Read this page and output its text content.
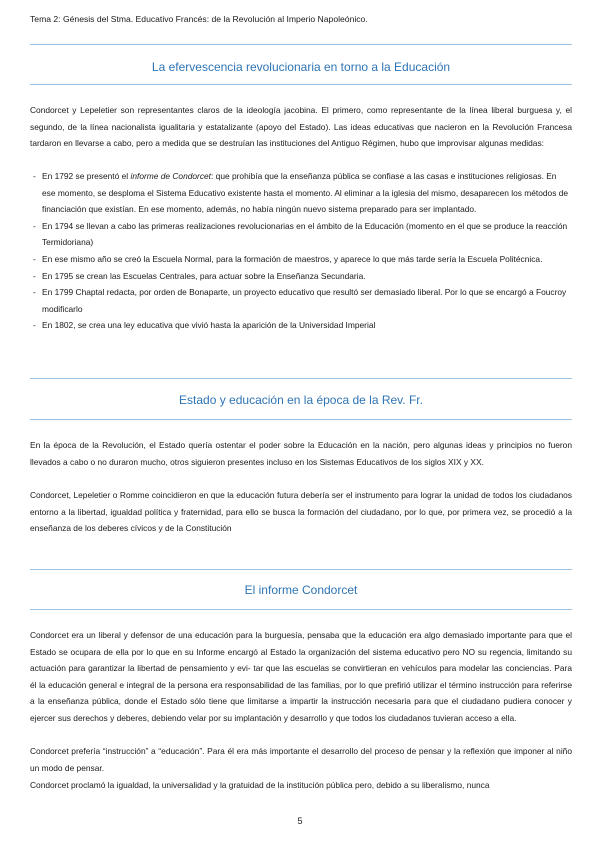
Tema 2: Génesis del Stma. Educativo Francés: de la Revolución al Imperio Napoleónico.
La efervescencia revolucionaria en torno a la Educación

Condorcet y Lepeletier son representantes claros de la ideología jacobina. El primero, como representante de la línea liberal burguesa y, el segundo, de la línea nacionalista igualitaria y estatalizante (apoyo del Estado). Las ideas educativas que nacieron en la Revolución Francesa tardaron en llevarse a cabo, pero a medida que se destruían las instituciones del Antiguo Régimen, hubo que improvisar algunas medidas:

- En 1792 se presentó el informe de Condorcet: que prohibía que la enseñanza pública se confiase a las casas e instituciones religiosas. En ese momento, se desploma el Sistema Educativo existente hasta el momento. Al eliminar a la iglesia del mismo, desaparecen los métodos de financiación que existían. En ese momento, además, no había ningún nuevo sistema preparado para ser implantado.
- En 1794 se llevan a cabo las primeras realizaciones revolucionarias en el ámbito de la Educación (momento en el que se produce la reacción Termidoriana)
- En ese mismo año se creó la Escuela Normal, para la formación de maestros, y aparece lo que más tarde sería la Escuela Politécnica.
- En 1795 se crean las Escuelas Centrales, para actuar sobre la Enseñanza Secundaria.
- En 1799 Chaptal redacta, por orden de Bonaparte, un proyecto educativo que resultó ser demasiado liberal. Por lo que se encargó a Foucroy modificarlo
- En 1802, se crea una ley educativa que vivió hasta la aparición de la Universidad Imperial
Estado y educación en la época de la Rev. Fr.

En la época de la Revolución, el Estado quería ostentar el poder sobre la Educación en la nación, pero algunas ideas y principios no fueron llevados a cabo o no duraron mucho, otros siguieron presentes incluso en los Sistemas Educativos de los siglos XIX y XX.

Condorcet, Lepeletier o Romme coincidieron en que la educación futura debería ser el instrumento para lograr la unidad de todos los ciudadanos entorno a la libertad, igualdad política y fraternidad, para ello se busca la formación del ciudadano, por lo que, por primera vez, se procedió a la enseñanza de los deberes cívicos y de la Constitución

El informe Condorcet

Condorcet era un liberal y defensor de una educación para la burguesía, pensaba que la educación era algo demasiado importante para que el Estado se ocupara de ella por lo que en su Informe encargó al Estado la organización del sistema educativo pero NO su regencia, limitando su actuación para garantizar la libertad de pensamiento y evi- tar que las escuelas se convirtieran en vehículos para modelar las conciencias. Para él la educación general e integral de la persona era responsabilidad de las familias, por lo que prefirió utilizar el término instrucción para referirse a la enseñanza pública, donde el Estado sólo tiene que limitarse a impartir la instrucción necesaria para que el ciudadano pudiera conocer y ejercer sus derechos y deberes, debiendo velar por su implantación y desarrollo y que todos los ciudadanos tuvieran acceso a ella.

Condorcet prefería “instrucción” a “educación”. Para él era más importante el desarrollo del proceso de pensar y la reflexión que imponer al niño un modo de pensar.

Condorcet proclamó la igualdad, la universalidad y la gratuidad de la institución pública pero, debido a su liberalismo, nunca

5
